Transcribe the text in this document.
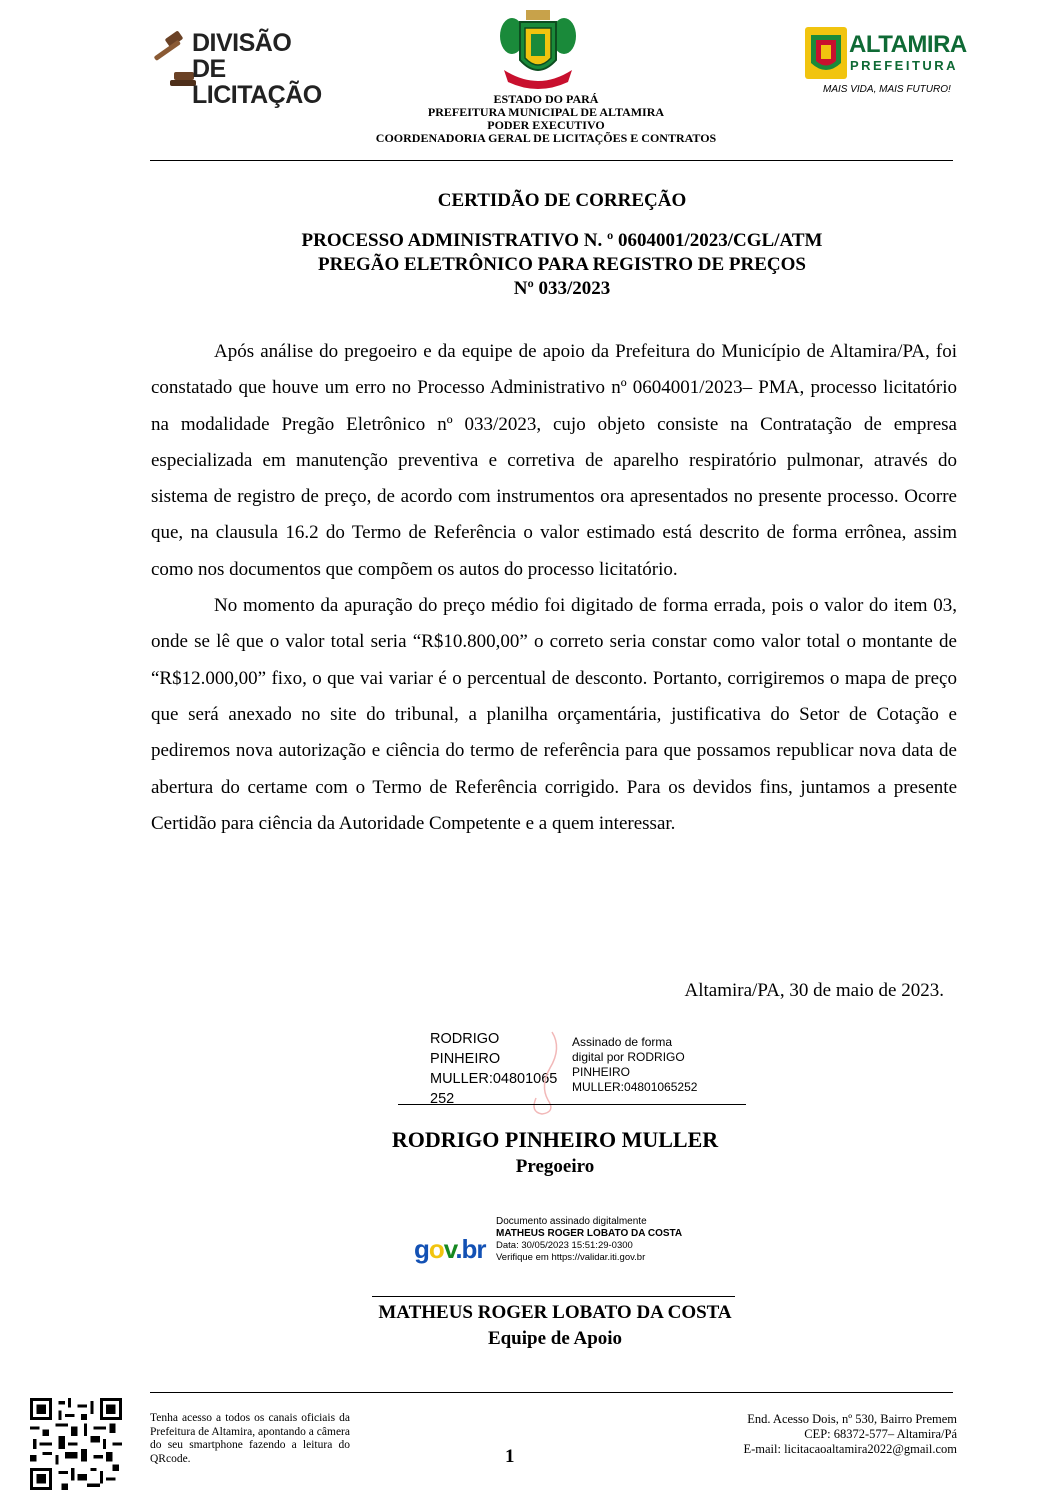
DIVISÃO DE
LICITAÇÃO
ALTAMIRA
PREFEITURA
MAIS VIDA, MAIS FUTURO!
ESTADO DO PARÁ
PREFEITURA MUNICIPAL DE ALTAMIRA
PODER EXECUTIVO
COORDENADORIA GERAL DE LICITAÇÕES E CONTRATOS
CERTIDÃO DE CORREÇÃO
PROCESSO ADMINISTRATIVO N. º 0604001/2023/CGL/ATM
PREGÃO ELETRÔNICO PARA REGISTRO DE PREÇOS
Nº 033/2023

Após análise do pregoeiro e da equipe de apoio da Prefeitura do Município de Altamira/PA, foi constatado que houve um erro no Processo Administrativo nº 0604001/2023– PMA, processo licitatório na modalidade Pregão Eletrônico nº 033/2023, cujo objeto consiste na Contratação de empresa especializada em manutenção preventiva e corretiva de aparelho respiratório pulmonar, através do sistema de registro de preço, de acordo com instrumentos ora apresentados no presente processo. Ocorre que, na clausula 16.2 do Termo de Referência o valor estimado está descrito de forma errônea, assim como nos documentos que compõem os autos do processo licitatório.

No momento da apuração do preço médio foi digitado de forma errada, pois o valor do item 03, onde se lê que o valor total seria “R$10.800,00” o correto seria constar como valor total o montante de “R$12.000,00” fixo, o que vai variar é o percentual de desconto. Portanto, corrigiremos o mapa de preço que será anexado no site do tribunal, a planilha orçamentária, justificativa do Setor de Cotação e pediremos nova autorização e ciência do termo de referência para que possamos republicar nova data de abertura do certame com o Termo de Referência corrigido. Para os devidos fins, juntamos a presente Certidão para ciência da Autoridade Competente e a quem interessar.

Altamira/PA, 30 de maio de 2023.
RODRIGO
PINHEIRO
MULLER:04801065
252
Assinado de forma
digital por RODRIGO
PINHEIRO
MULLER:04801065252
RODRIGO PINHEIRO MULLER
Pregoeiro
gov.br
Documento assinado digitalmente
MATHEUS ROGER LOBATO DA COSTA
Data: 30/05/2023 15:51:29-0300
Verifique em https://validar.iti.gov.br
MATHEUS ROGER LOBATO DA COSTA
Equipe de Apoio
Tenha acesso a todos os canais oficiais da Prefeitura de Altamira, apontando a câmera do seu smartphone fazendo a leitura do QRcode.	1
End. Acesso Dois, nº 530, Bairro Premem
CEP: 68372-577– Altamira/Pá
E-mail: licitacaoaltamira2022@gmail.com
